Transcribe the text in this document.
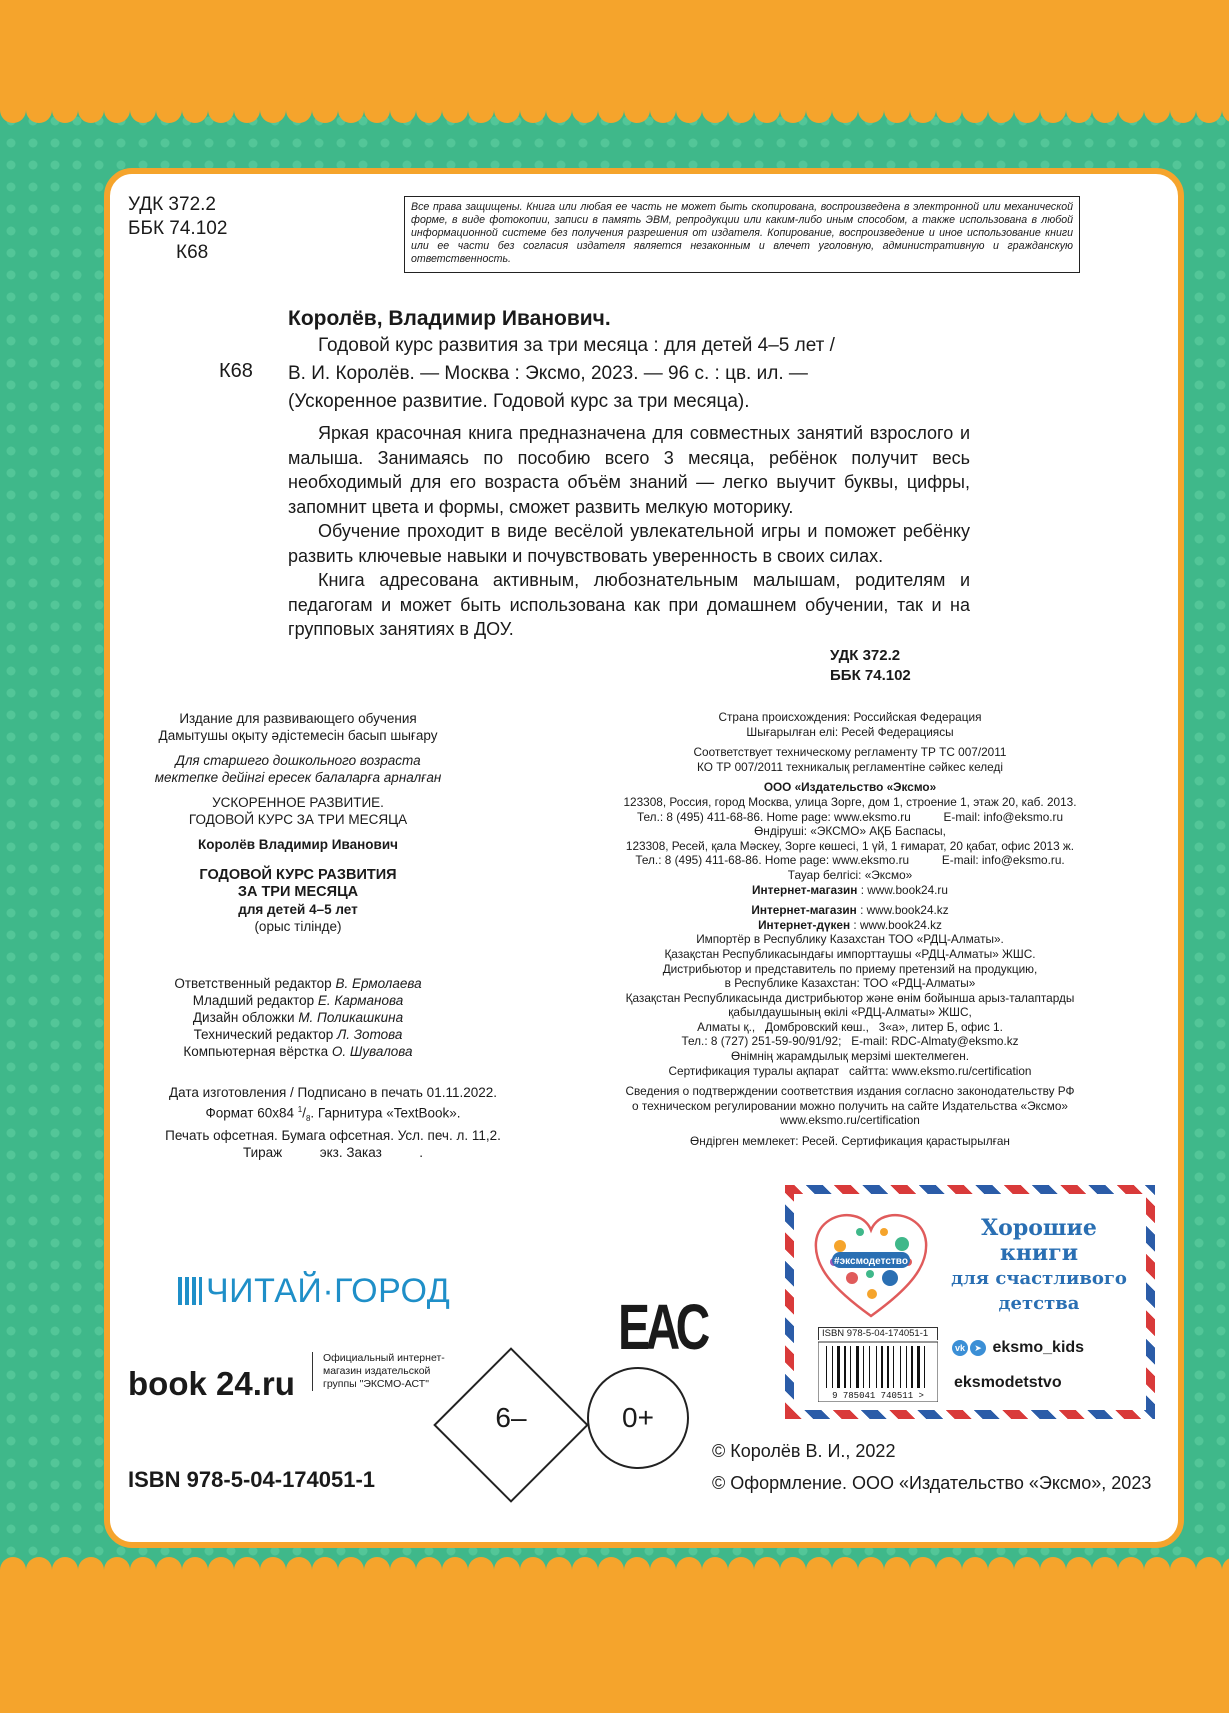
УДК 372.2
ББК 74.102
К68
Все права защищены. Книга или любая ее часть не может быть скопирована, воспроизведена в электронной или механической форме, в виде фотокопии, записи в память ЭВМ, репродукции или каким-либо иным способом, а также использована в любой информационной системе без получения разрешения от издателя. Копирование, воспроизведение и иное использование книги или ее части без согласия издателя является незаконным и влечет уголовную, административную и гражданскую ответственность.
Королёв, Владимир Иванович.
К68
Годовой курс развития за три месяца : для детей 4–5 лет /
В. И. Королёв. — Москва : Эксмо, 2023. — 96 с. : цв. ил. —
(Ускоренное развитие. Годовой курс за три месяца).

Яркая красочная книга предназначена для совместных занятий взрослого и малыша. Занимаясь по пособию всего 3 месяца, ребёнок получит весь необходимый для его возраста объём знаний — легко выучит буквы, цифры, запомнит цвета и формы, сможет развить мелкую моторику.

Обучение проходит в виде весёлой увлекательной игры и поможет ребёнку развить ключевые навыки и почувствовать уверенность в своих силах.

Книга адресована активным, любознательным малышам, родителям и педагогам и может быть использована как при домашнем обучении, так и на групповых занятиях в ДОУ.

УДК 372.2
ББК 74.102
Издание для развивающего обучения
Дамытушы оқыту әдістемесін басып шығару
Для старшего дошкольного возраста
мектепке дейінгі ересек балаларға арналған
УСКОРЕННОЕ РАЗВИТИЕ.
ГОДОВОЙ КУРС ЗА ТРИ МЕСЯЦА
Королёв Владимир Иванович
ГОДОВОЙ КУРС РАЗВИТИЯ
ЗА ТРИ МЕСЯЦА
для детей 4–5 лет
(орыс тілінде)
Ответственный редактор В. Ермолаева
Младший редактор Е. Карманова
Дизайн обложки М. Поликашкина
Технический редактор Л. Зотова
Компьютерная вёрстка О. Шувалова
Дата изготовления / Подписано в печать 01.11.2022.
Формат 60x84 $^1/_8$. Гарнитура «TextBook».
Печать офсетная. Бумага офсетная. Усл. печ. л. 11,2.
Тираж          экз. Заказ          .
Страна происхождения: Российская Федерация
Шығарылған елі: Ресей Федерациясы
Соответствует техническому регламенту ТР ТС 007/2011
КО ТР 007/2011 техникалық регламентіне сәйкес келеді
ООО «Издательство «Эксмо»
123308, Россия, город Москва, улица Зорге, дом 1, строение 1, этаж 20, каб. 2013.
Тел.: 8 (495) 411-68-86. Home page: www.eksmo.ru          E-mail: info@eksmo.ru
Өндіруші: «ЭКСМО» АҚБ Баспасы,
123308, Ресей, қала Мәскеу, Зорге көшесі, 1 үй, 1 ғимарат, 20 қабат, офис 2013 ж.
Тел.: 8 (495) 411-68-86. Home page: www.eksmo.ru          E-mail: info@eksmo.ru.
Тауар белгісі: «Эксмо»
Интернет-магазин : www.book24.ru
Интернет-магазин : www.book24.kz
Интернет-дүкен : www.book24.kz
Импортёр в Республику Казахстан ТОО «РДЦ-Алматы».
Қазақстан Республикасындағы импорттаушы «РДЦ-Алматы» ЖШС.
Дистрибьютор и представитель по приему претензий на продукцию,
в Республике Казахстан: ТОО «РДЦ-Алматы»
Қазақстан Республикасында дистрибьютор және өнім бойынша арыз-талаптарды
қабылдаушының өкілі «РДЦ-Алматы» ЖШС,
Алматы қ.,   Домбровский көш.,   3«а», литер Б, офис 1.
Тел.: 8 (727) 251-59-90/91/92;   E-mail: RDC-Almaty@eksmo.kz
Өнімнің жарамдылық мерзімі шектелмеген.
Сертификация туралы ақпарат   сайтта: www.eksmo.ru/certification
Сведения о подтверждении соответствия издания согласно законодательству РФ
о техническом регулировании можно получить на сайте Издательства «Эксмо»
www.eksmo.ru/certification
Өндірген мемлекет: Ресей. Сертификация қарастырылған
ЧИТАЙ·ГОРОД
book 24.ru
Официальный интернет-магазин издательской группы "ЭКСМО-АСТ"
EAC
6–	0+
ISBN 978-5-04-174051-1
© Королёв В. И., 2022
© Оформление. ООО «Издательство «Эксмо», 2023
#эксмодетство
Хорошие
книги
для счастливого
детства
vk ➤ eksmo_kids
eksmodetstvo
ISBN 978-5-04-174051-1
9 785041 740511 >
